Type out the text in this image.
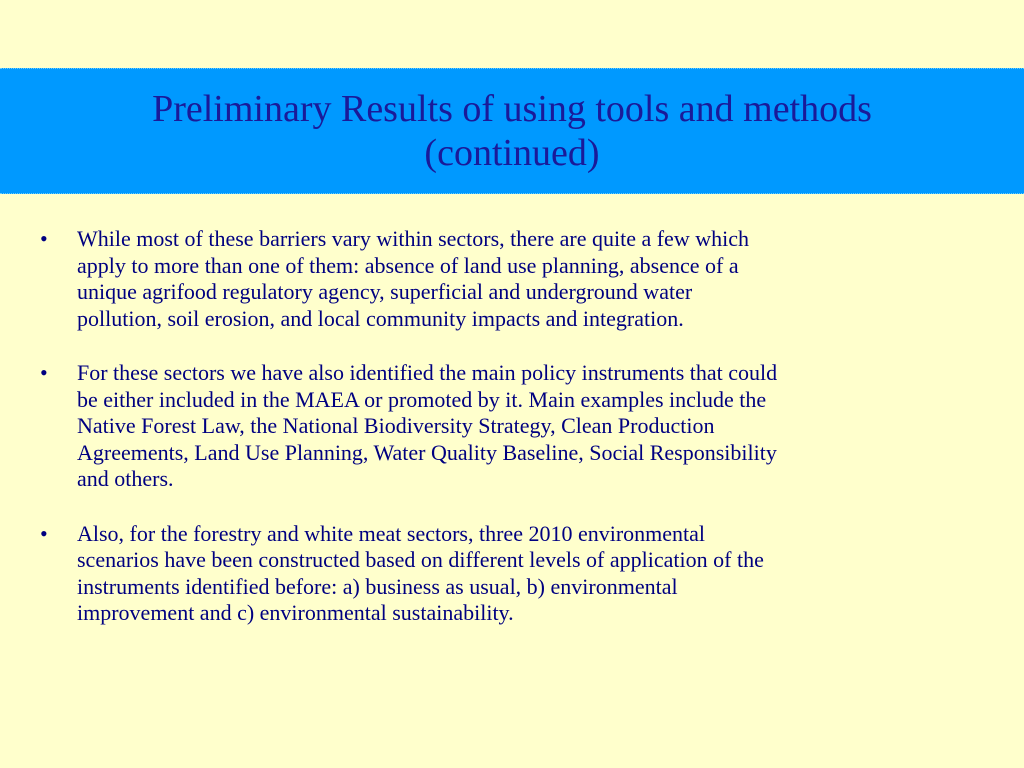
Preliminary Results of using tools and methods
(continued)
• While most of these barriers vary within sectors, there are quite a few which
apply to more than one of them: absence of land use planning, absence of a
unique agrifood regulatory agency, superficial and underground water
pollution, soil erosion, and local community impacts and integration.
• For these sectors we have also identified the main policy instruments that could
be either included in the MAEA or promoted by it. Main examples include the
Native Forest Law, the National Biodiversity Strategy, Clean Production
Agreements, Land Use Planning, Water Quality Baseline, Social Responsibility
and others.
• Also, for the forestry and white meat sectors, three 2010 environmental
scenarios have been constructed based on different levels of application of the
instruments identified before: a) business as usual, b) environmental
improvement and c) environmental sustainability.
